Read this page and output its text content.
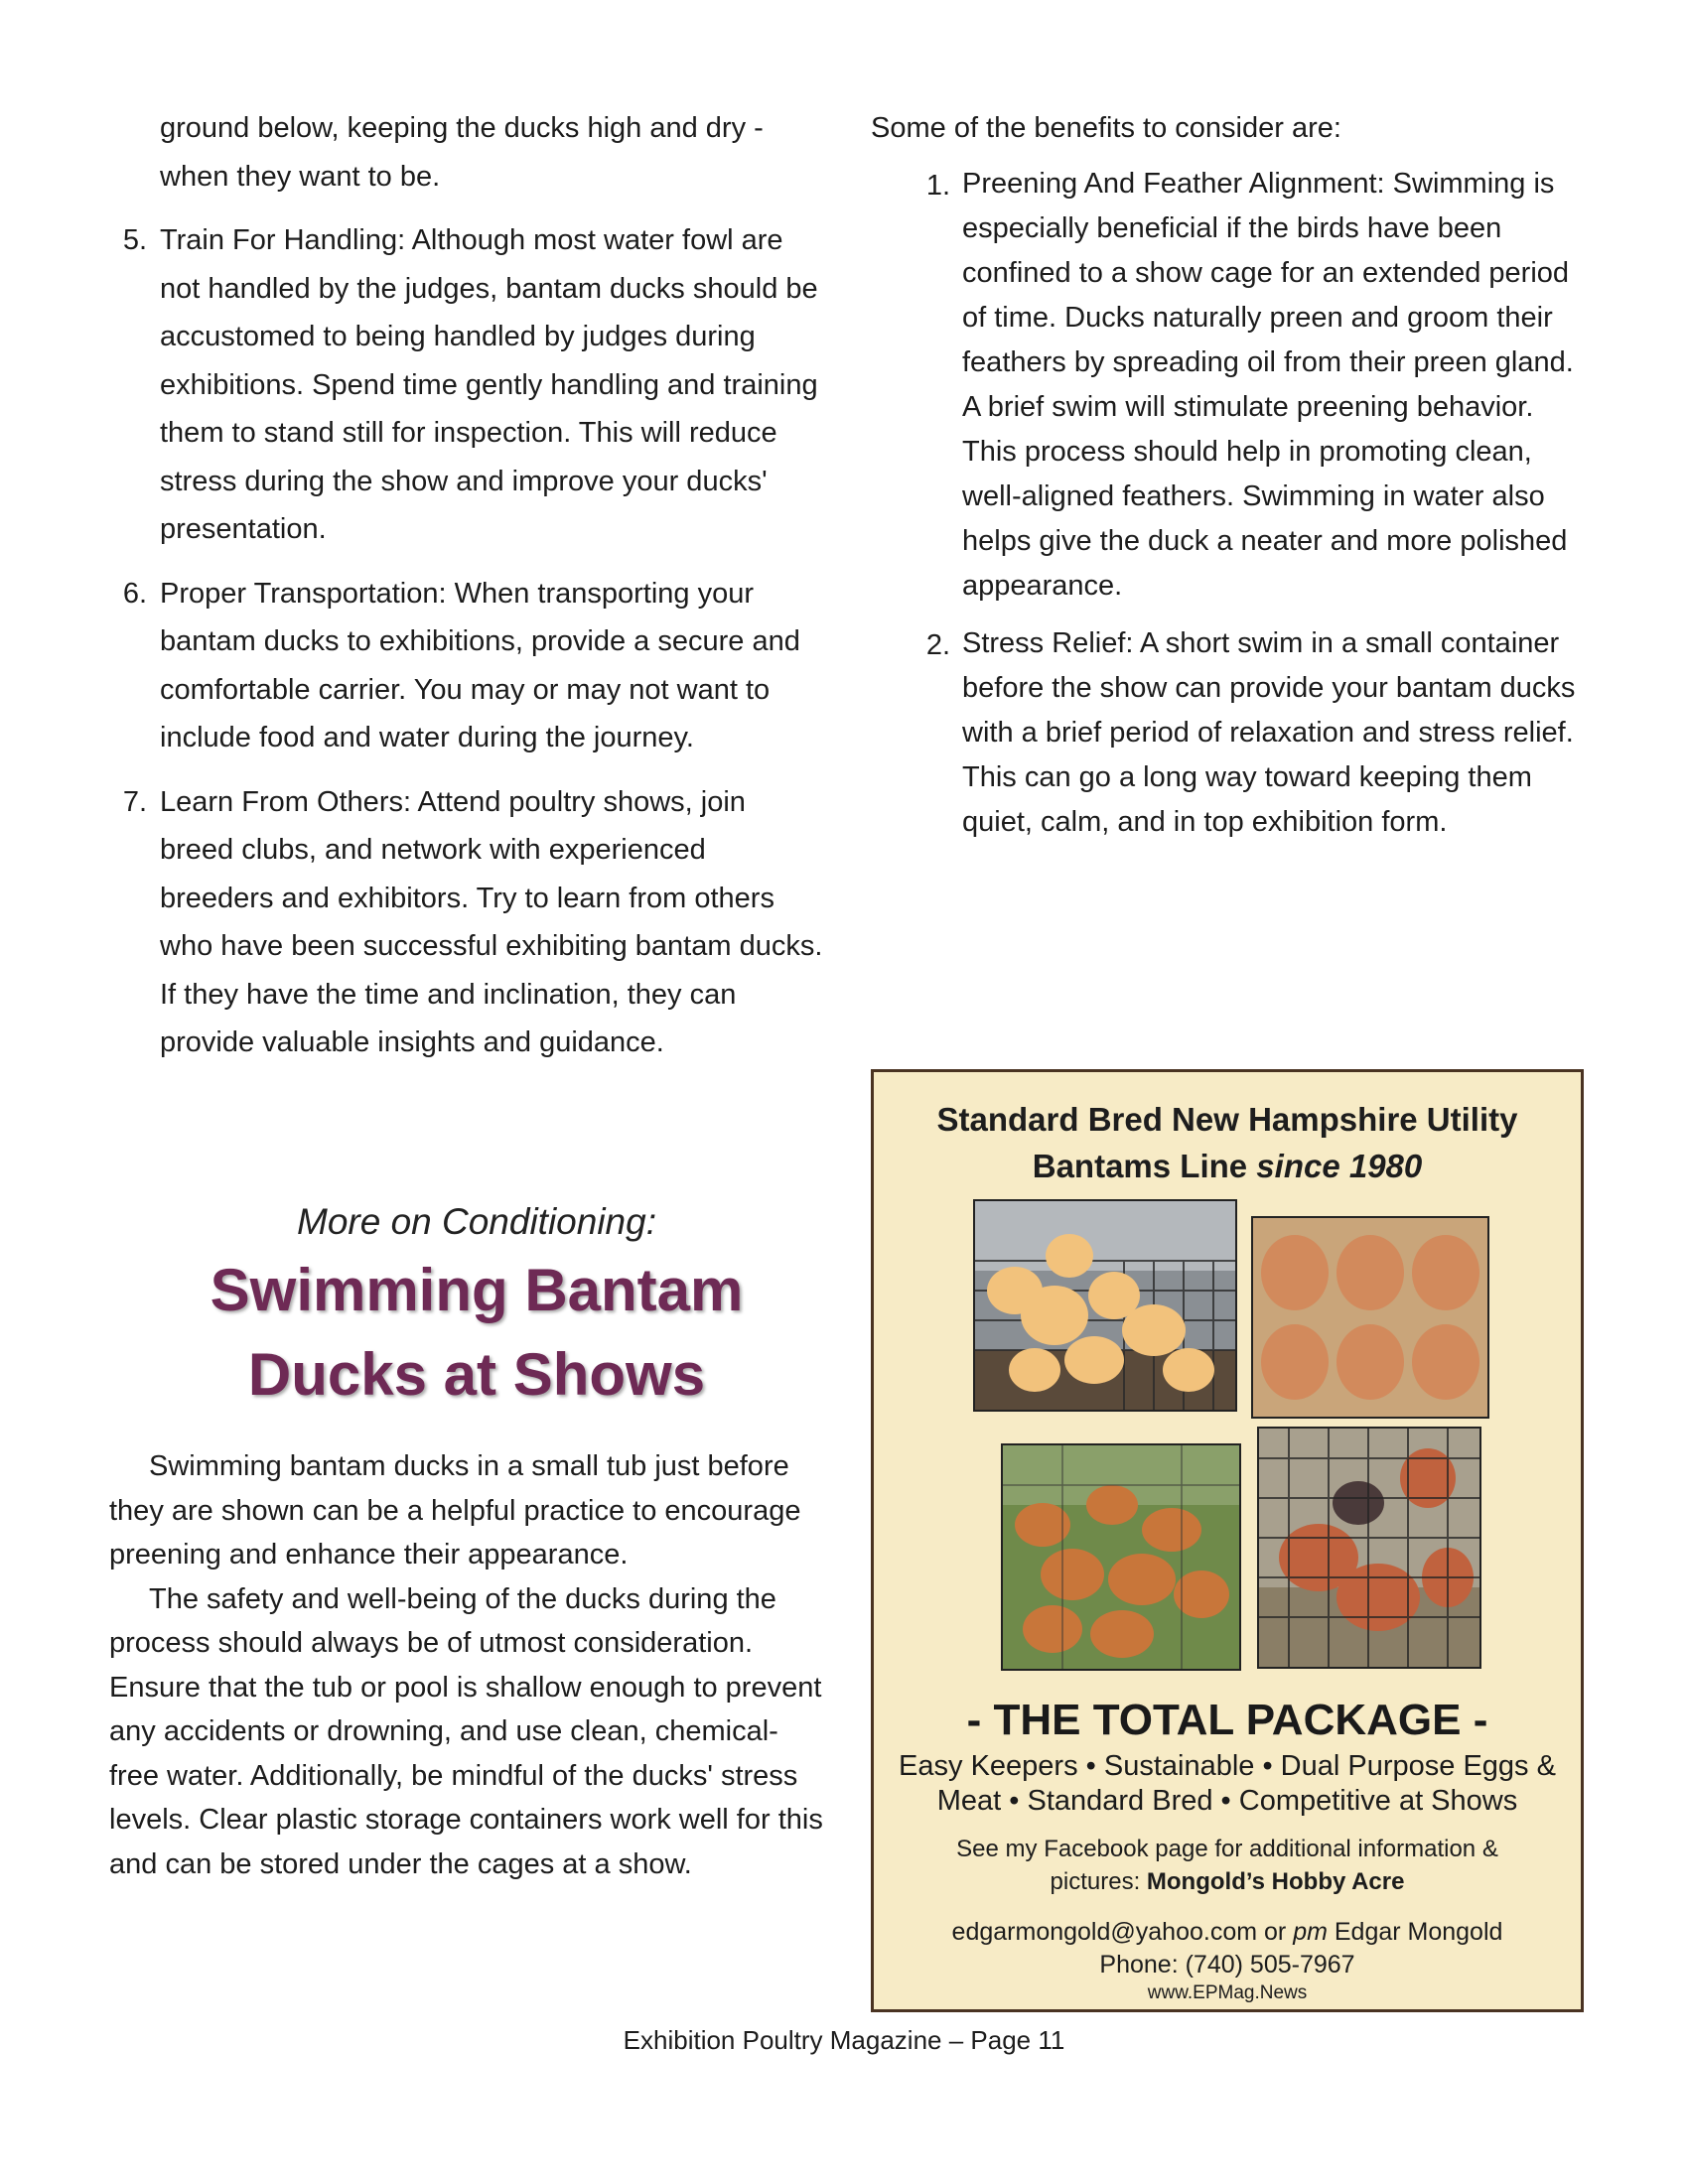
ground below, keeping the ducks high and dry - when they want to be.
5. Train For Handling: Although most water fowl are not handled by the judges, bantam ducks should be accustomed to being handled by judges during exhibitions. Spend time gently handling and training them to stand still for inspection. This will reduce stress during the show and improve your ducks' presentation.
6. Proper Transportation: When transporting your bantam ducks to exhibitions, provide a secure and comfortable carrier. You may or may not want to include food and water during the journey.
7. Learn From Others: Attend poultry shows, join breed clubs, and network with experienced breeders and exhibitors. Try to learn from others who have been successful exhibiting bantam ducks. If they have the time and inclination, they can provide valuable insights and guidance.
Some of the benefits to consider are:
1. Preening And Feather Alignment: Swimming is especially beneficial if the birds have been confined to a show cage for an extended period of time. Ducks naturally preen and groom their feathers by spreading oil from their preen gland. A brief swim will stimulate preening behavior. This process should help in promoting clean, well-aligned feathers. Swimming in water also helps give the duck a neater and more polished appearance.
2. Stress Relief: A short swim in a small container before the show can provide your bantam ducks with a brief period of relaxation and stress relief. This can go a long way toward keeping them quiet, calm, and in top exhibition form.
More on Conditioning:
Swimming Bantam
Ducks at Shows

Swimming bantam ducks in a small tub just before they are shown can be a helpful practice to encourage preening and enhance their appearance.

The safety and well-being of the ducks during the process should always be of utmost consideration. Ensure that the tub or pool is shallow enough to prevent any accidents or drowning, and use clean, chemical-free water. Additionally, be mindful of the ducks' stress levels. Clear plastic storage containers work well for this and can be stored under the cages at a show.

Standard Bred New Hampshire Utility
Bantams Line since 1980
- THE TOTAL PACKAGE -
Easy Keepers • Sustainable • Dual Purpose Eggs &
Meat • Standard Bred • Competitive at Shows
See my Facebook page for additional information &
pictures: Mongold’s Hobby Acre
edgarmongold@yahoo.com or pm Edgar Mongold
Phone: (740) 505-7967
www.EPMag.News
Exhibition Poultry Magazine – Page 11
